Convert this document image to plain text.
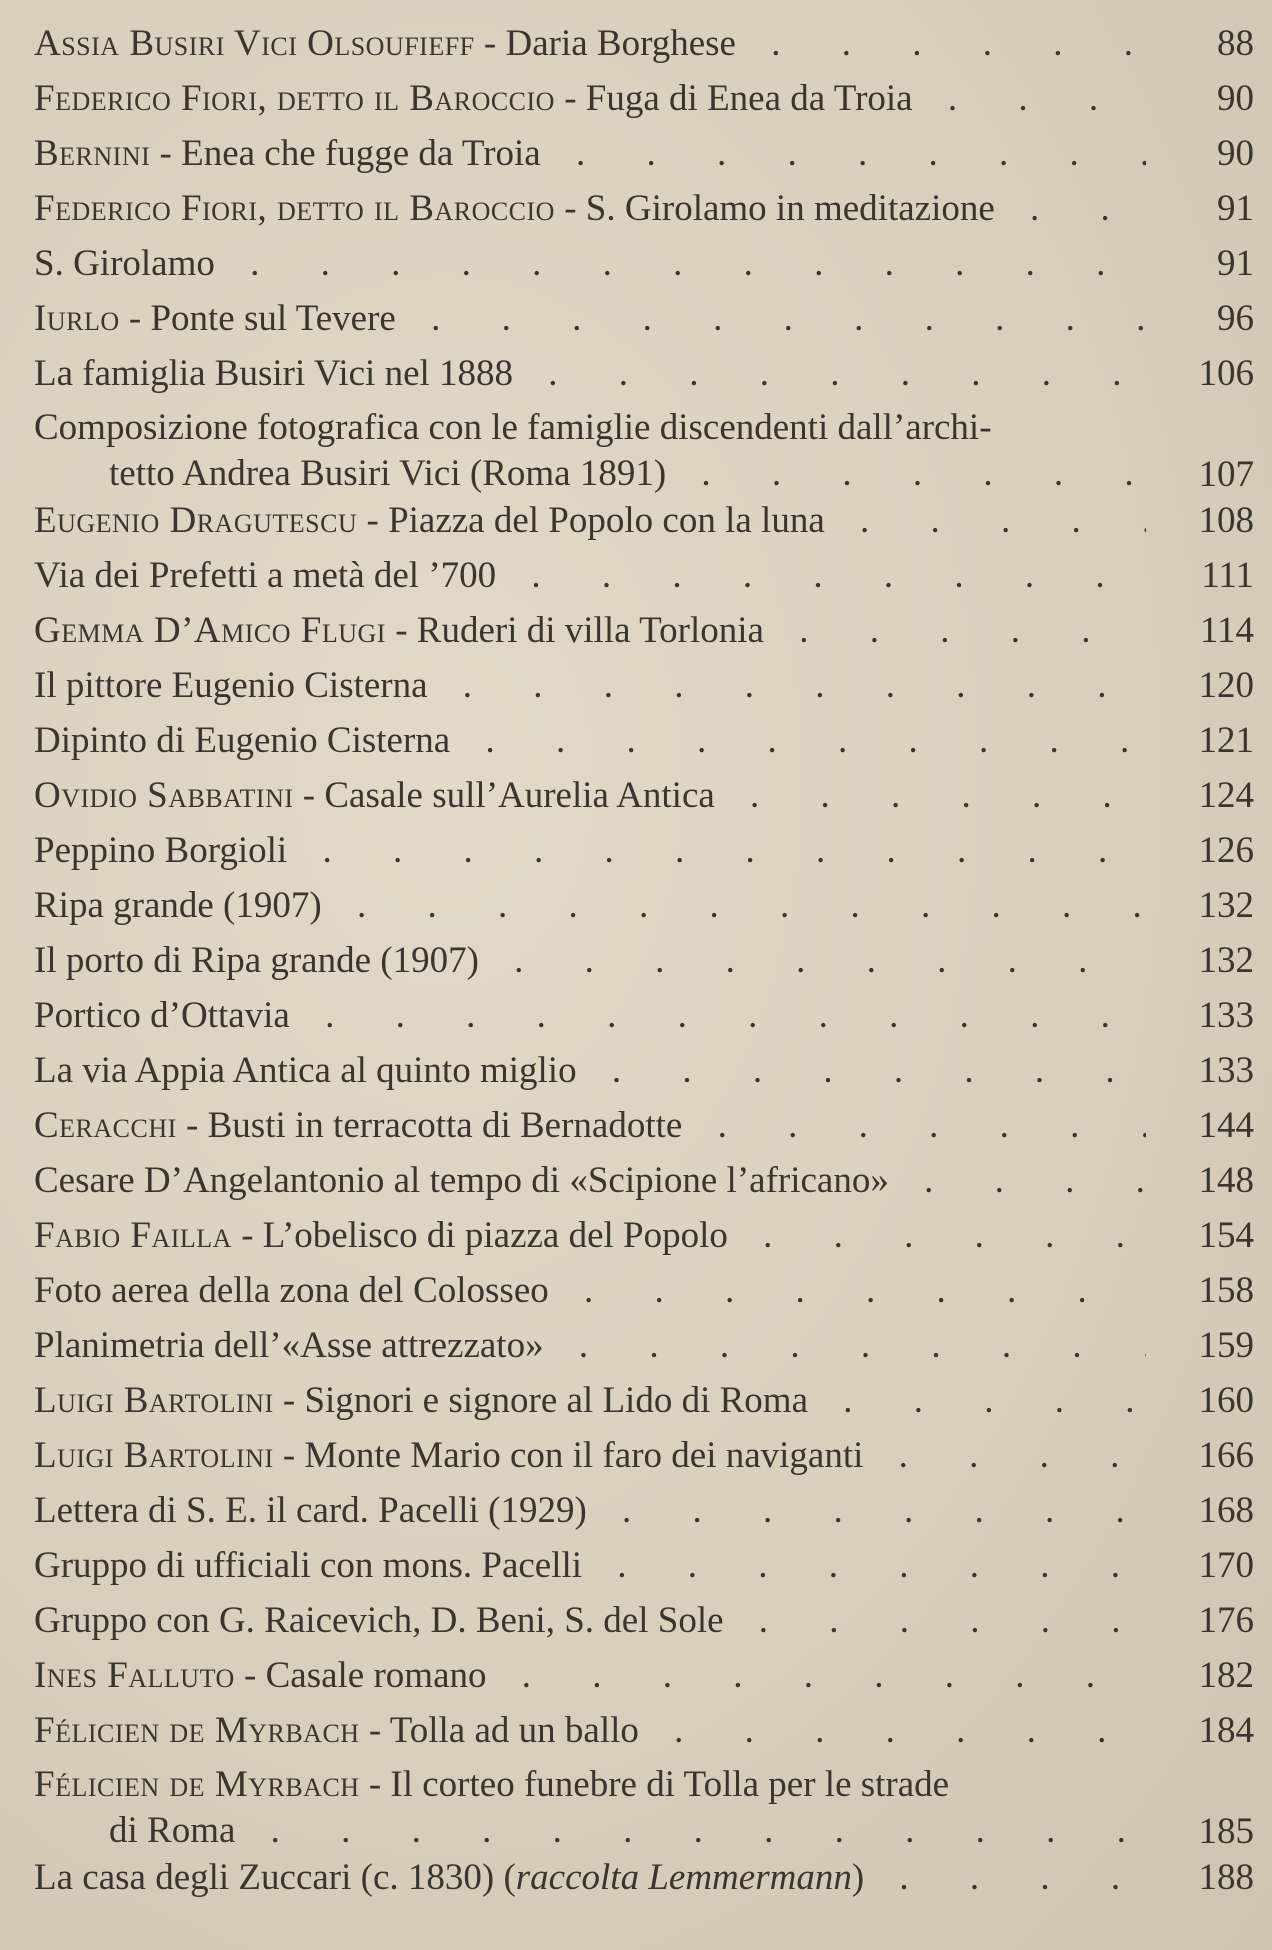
Assia Busiri Vici Olsoufieff - Daria Borghese . . .	88
Federico Fiori, detto il Baroccio - Fuga di Enea da Troia . . .	90
Bernini - Enea che fugge da Troia . . .	90
Federico Fiori, detto il Baroccio - S. Girolamo in meditazione . . .	91
S. Girolamo . . .	91
Iurlo - Ponte sul Tevere . . .	96
La famiglia Busiri Vici nel 1888 . . .	106
Composizione fotografica con le famiglie discendenti dall’archi-
tetto Andrea Busiri Vici (Roma 1891) . . .	107
Eugenio Dragutescu - Piazza del Popolo con la luna . . .	108
Via dei Prefetti a metà del ’700 . . .	111
Gemma D’Amico Flugi - Ruderi di villa Torlonia . . .	114
Il pittore Eugenio Cisterna . . .	120
Dipinto di Eugenio Cisterna . . .	121
Ovidio Sabbatini - Casale sull’Aurelia Antica . . .	124
Peppino Borgioli . . .	126
Ripa grande (1907) . . .	132
Il porto di Ripa grande (1907) . . .	132
Portico d’Ottavia . . .	133
La via Appia Antica al quinto miglio . . .	133
Ceracchi - Busti in terracotta di Bernadotte . . .	144
Cesare D’Angelantonio al tempo di «Scipione l’africano» . . .	148
Fabio Failla - L’obelisco di piazza del Popolo . . .	154
Foto aerea della zona del Colosseo . . .	158
Planimetria dell’«Asse attrezzato» . . .	159
Luigi Bartolini - Signori e signore al Lido di Roma . . .	160
Luigi Bartolini - Monte Mario con il faro dei naviganti . . .	166
Lettera di S. E. il card. Pacelli (1929) . . .	168
Gruppo di ufficiali con mons. Pacelli . . .	170
Gruppo con G. Raicevich, D. Beni, S. del Sole . . .	176
Ines Falluto - Casale romano . . .	182
Félicien de Myrbach - Tolla ad un ballo . . .	184
Félicien de Myrbach - Il corteo funebre di Tolla per le strade
di Roma . . .	185
La casa degli Zuccari (c. 1830) (raccolta Lemmermann) . . .	188
